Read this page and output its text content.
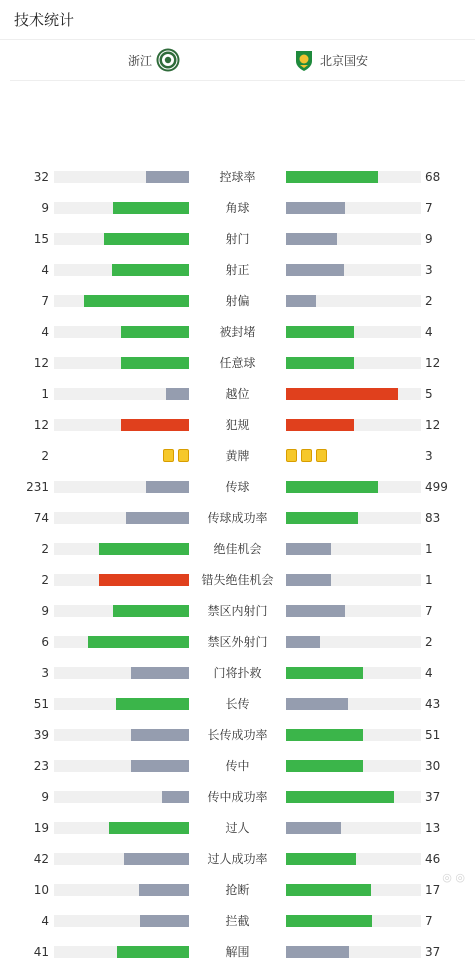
技术统计
浙江	北京国安
32	控球率	68
9	角球	7
15	射门	9
4	射正	3
7	射偏	2
4	被封堵	4
12	任意球	12
1	越位	5
12	犯规	12
2	黄牌	3
231	传球	499
74	传球成功率	83
2	绝佳机会	1
2	错失绝佳机会	1
9	禁区内射门	7
6	禁区外射门	2
3	门将扑救	4
51	长传	43
39	长传成功率	51
23	传中	30
9	传中成功率	37
19	过人	13
42	过人成功率	46
10	抢断	17
4	拦截	7
41	解围	37
◎ ◎
